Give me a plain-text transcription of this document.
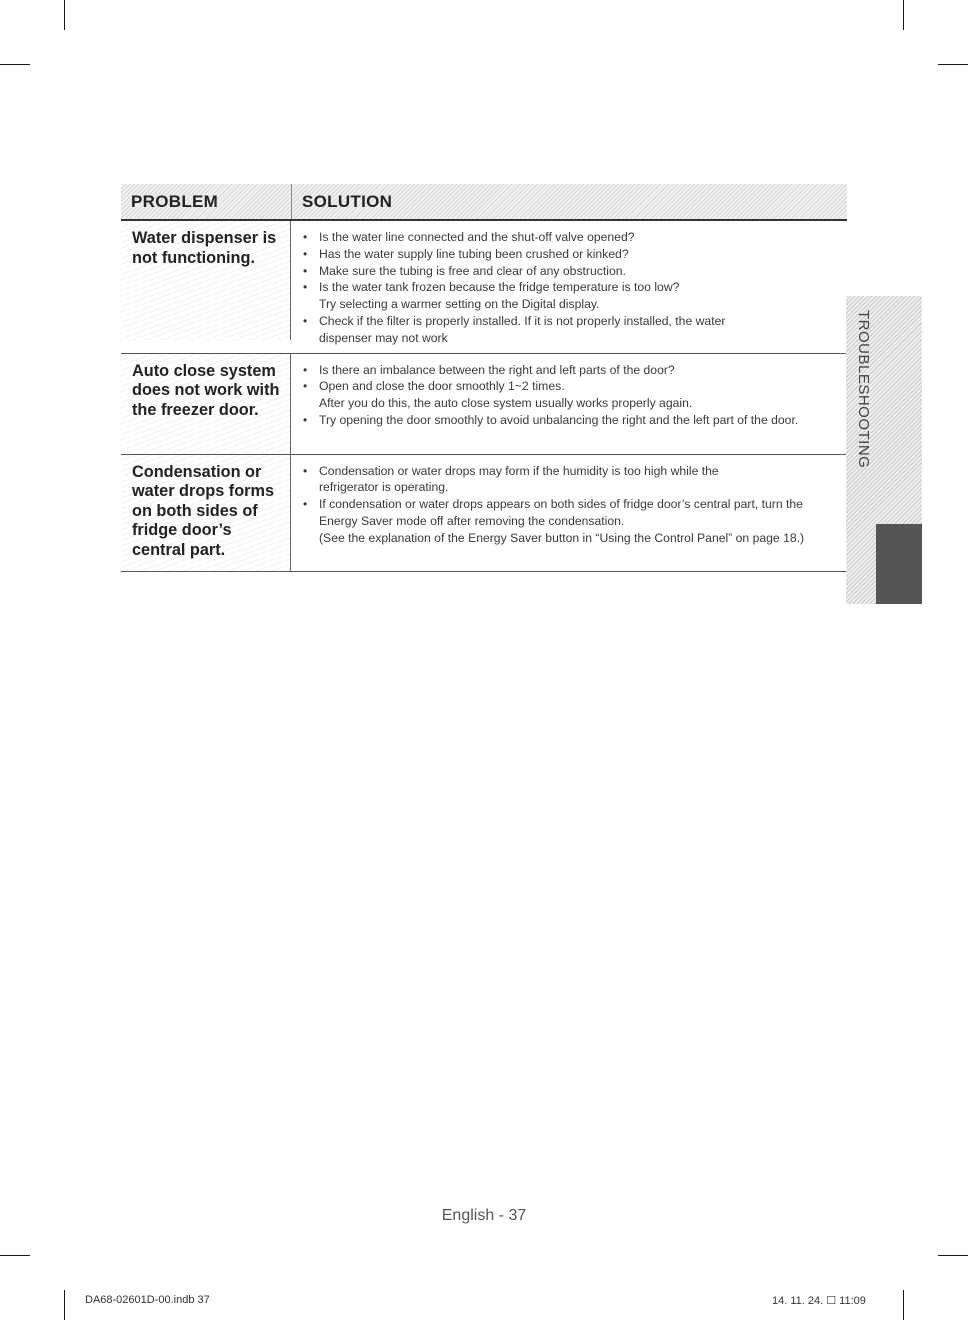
PROBLEM	SOLUTION
Water dispenser is not functioning.
• Is the water line connected and the shut-off valve opened?
• Has the water supply line tubing been crushed or kinked?
• Make sure the tubing is free and clear of any obstruction.
• Is the water tank frozen because the fridge temperature is too low?
Try selecting a warmer setting on the Digital display.
• Check if the filter is properly installed. If it is not properly installed, the water dispenser may not work
Auto close system does not work with the freezer door.
• Is there an imbalance between the right and left parts of the door?
• Open and close the door smoothly 1~2 times.
After you do this, the auto close system usually works properly again.
• Try opening the door smoothly to avoid unbalancing the right and the left part of the door.
Condensation or water drops forms on both sides of fridge door’s central part.
• Condensation or water drops may form if the humidity is too high while the refrigerator is operating.
• If condensation or water drops appears on both sides of fridge door’s central part, turn the Energy Saver mode off after removing the condensation.
(See the explanation of the Energy Saver button in “Using the Control Panel” on page 18.)
TROUBLESHOOTING
English - 37
DA68-02601D-00.indb 37	14. 11. 24. ☐ 11:09
